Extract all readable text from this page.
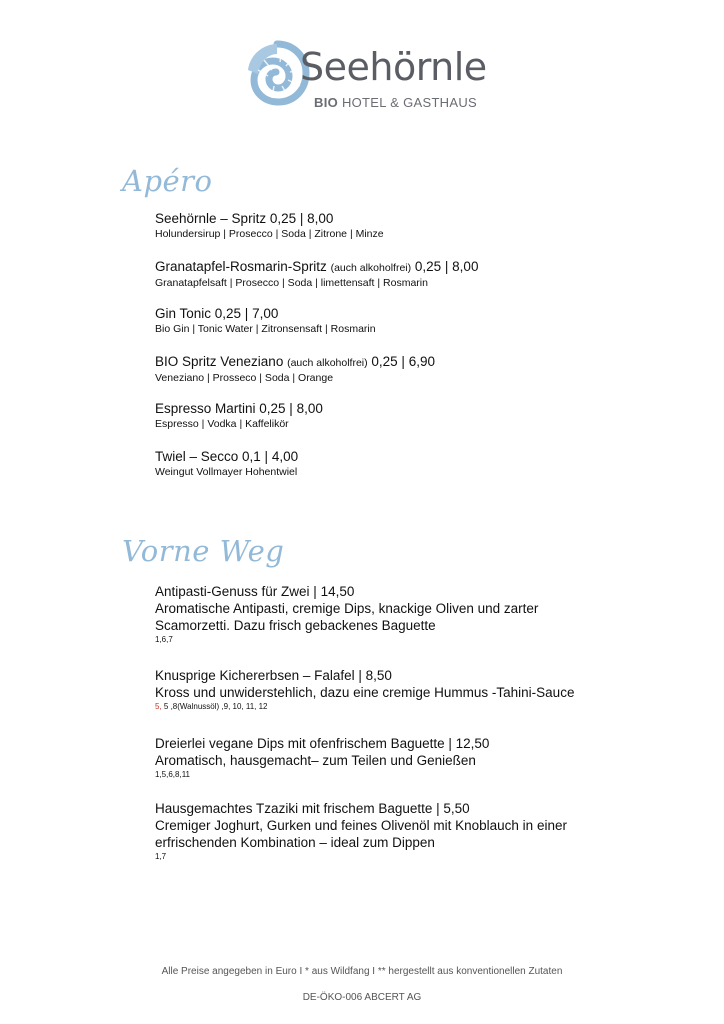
Seehörnle
BIO HOTEL & GASTHAUS
Apéro
Seehörnle – Spritz 0,25 | 8,00
Holundersirup | Prosecco | Soda | Zitrone | Minze
Granatapfel-Rosmarin-Spritz (auch alkoholfrei) 0,25 | 8,00
Granatapfelsaft | Prosecco | Soda | limettensaft | Rosmarin
Gin Tonic 0,25 | 7,00
Bio Gin | Tonic Water | Zitronsensaft | Rosmarin
BIO Spritz Veneziano (auch alkoholfrei) 0,25 | 6,90
Veneziano | Prosseco | Soda | Orange
Espresso Martini 0,25 | 8,00
Espresso | Vodka | Kaffelikör
Twiel – Secco 0,1 | 4,00
Weingut Vollmayer Hohentwiel
Vorne Weg
Antipasti-Genuss für Zwei | 14,50
Aromatische Antipasti, cremige Dips, knackige Oliven und zarter
Scamorzetti. Dazu frisch gebackenes Baguette
1,6,7
Knusprige Kichererbsen – Falafel | 8,50
Kross und unwiderstehlich, dazu eine cremige Hummus -Tahini-Sauce
5, 5 ,8(Walnussöl) ,9, 10, 11, 12
Dreierlei vegane Dips mit ofenfrischem Baguette | 12,50
Aromatisch, hausgemacht– zum Teilen und Genießen
1,5,6,8,11
Hausgemachtes Tzaziki mit frischem Baguette | 5,50
Cremiger Joghurt, Gurken und feines Olivenöl mit Knoblauch in einer
erfrischenden Kombination – ideal zum Dippen
1,7
Alle Preise angegeben in Euro I * aus Wildfang I ** hergestellt aus konventionellen Zutaten
DE-ÖKO-006 ABCERT AG
